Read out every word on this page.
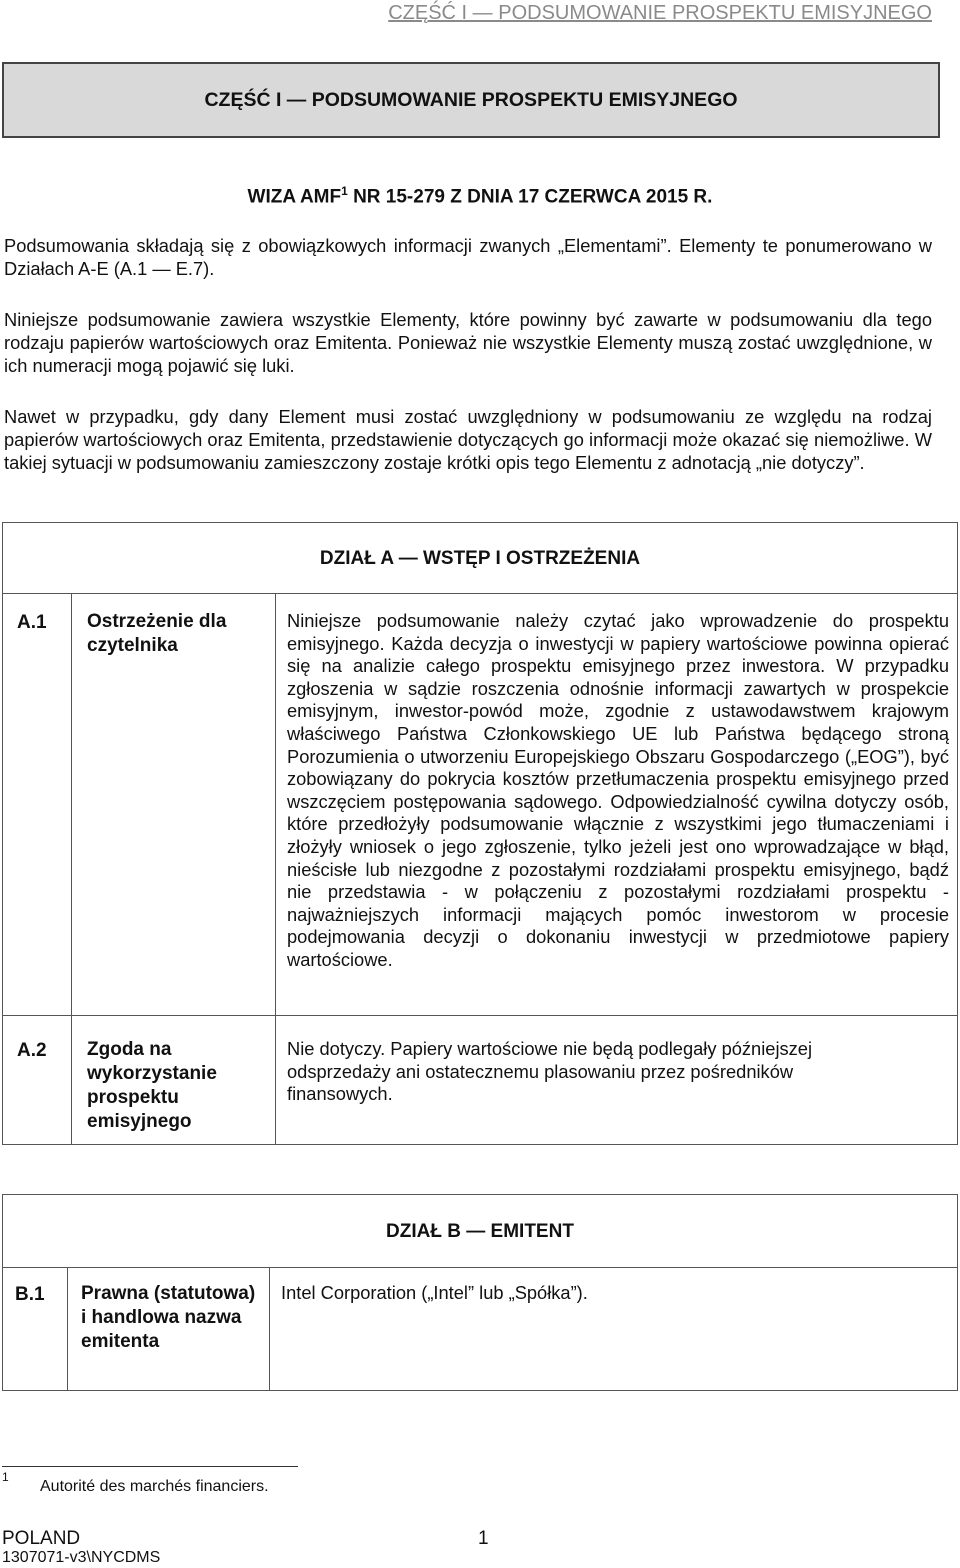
CZĘŚĆ I — PODSUMOWANIE PROSPEKTU EMISYJNEGO
CZĘŚĆ I — PODSUMOWANIE PROSPEKTU EMISYJNEGO
WIZA AMF$^1$ NR 15-279 Z DNIA 17 CZERWCA 2015 R.
Podsumowania składają się z obowiązkowych informacji zwanych „Elementami”. Elementy te ponumerowano w Działach A-E (A.1 — E.7).
Niniejsze podsumowanie zawiera wszystkie Elementy, które powinny być zawarte w podsumowaniu dla tego rodzaju papierów wartościowych oraz Emitenta. Ponieważ nie wszystkie Elementy muszą zostać uwzględnione, w ich numeracji mogą pojawić się luki.
Nawet w przypadku, gdy dany Element musi zostać uwzględniony w podsumowaniu ze względu na rodzaj papierów wartościowych oraz Emitenta, przedstawienie dotyczących go informacji może okazać się niemożliwe. W takiej sytuacji w podsumowaniu zamieszczony zostaje krótki opis tego Elementu z adnotacją „nie dotyczy”.
DZIAŁ A — WSTĘP I OSTRZEŻENIA
A.1 Ostrzeżenie dla czytelnika
Niniejsze podsumowanie należy czytać jako wprowadzenie do prospektu emisyjnego. Każda decyzja o inwestycji w papiery wartościowe powinna opierać się na analizie całego prospektu emisyjnego przez inwestora. W przypadku zgłoszenia w sądzie roszczenia odnośnie informacji zawartych w prospekcie emisyjnym, inwestor-powód może, zgodnie z ustawodawstwem krajowym właściwego Państwa Członkowskiego UE lub Państwa będącego stroną Porozumienia o utworzeniu Europejskiego Obszaru Gospodarczego („EOG”), być zobowiązany do pokrycia kosztów przetłumaczenia prospektu emisyjnego przed wszczęciem postępowania sądowego. Odpowiedzialność cywilna dotyczy osób, które przedłożyły podsumowanie włącznie z wszystkimi jego tłumaczeniami i złożyły wniosek o jego zgłoszenie, tylko jeżeli jest ono wprowadzające w błąd, nieścisłe lub niezgodne z pozostałymi rozdziałami prospektu emisyjnego, bądź nie przedstawia - w połączeniu z pozostałymi rozdziałami prospektu - najważniejszych informacji mających pomóc inwestorom w procesie podejmowania decyzji o dokonaniu inwestycji w przedmiotowe papiery wartościowe.
A.2 Zgoda na wykorzystanie prospektu emisyjnego
Nie dotyczy. Papiery wartościowe nie będą podlegały późniejszej odsprzedaży ani ostatecznemu plasowaniu przez pośredników finansowych.
DZIAŁ B — EMITENT
B.1 Prawna (statutowa) i handlowa nazwa emitenta
Intel Corporation („Intel” lub „Spółka”).
1
Autorité des marchés financiers.
POLAND	1
1307071-v3\NYCDMS
